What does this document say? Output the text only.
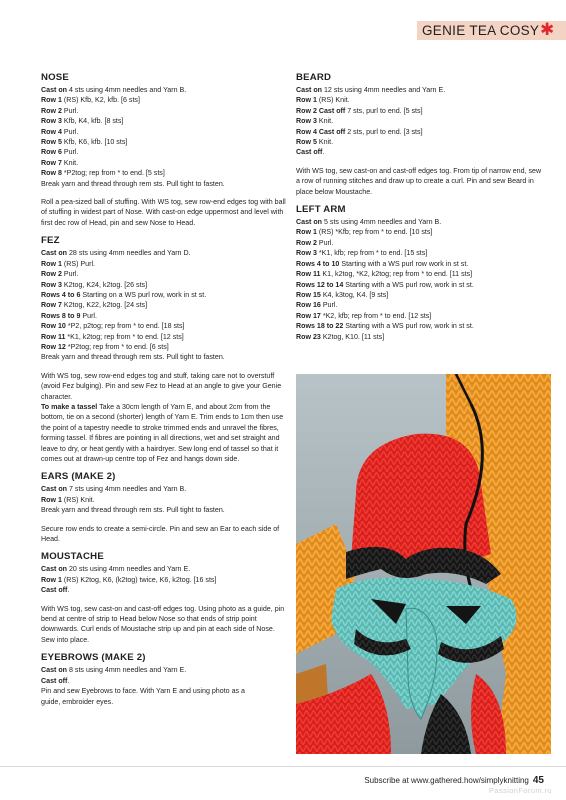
GENIE TEA COSY ✱
NOSE

Cast on 4 sts using 4mm needles and Yarn B.

Row 1 (RS) Kfb, K2, kfb. [6 sts]

Row 2 Purl.

Row 3 Kfb, K4, kfb. [8 sts]

Row 4 Purl.

Row 5 Kfb, K6, kfb. [10 sts]

Row 6 Purl.

Row 7 Knit.

Row 8 *P2tog; rep from * to end. [5 sts]

Break yarn and thread through rem sts. Pull tight to fasten.

Roll a pea-sized ball of stuffing. With WS tog, sew row-end edges tog with ball of stuffing in widest part of Nose. With cast-on edge uppermost and level with first dec row of Head, pin and sew Nose to Head.

FEZ

Cast on 28 sts using 4mm needles and Yarn D.

Row 1 (RS) Purl.

Row 2 Purl.

Row 3 K2tog, K24, k2tog. [26 sts]

Rows 4 to 6 Starting on a WS purl row, work in st st.

Row 7 K2tog, K22, k2tog. [24 sts]

Rows 8 to 9 Purl.

Row 10 *P2, p2tog; rep from * to end. [18 sts]

Row 11 *K1, k2tog; rep from * to end. [12 sts]

Row 12 *P2tog; rep from * to end. [6 sts]

Break yarn and thread through rem sts. Pull tight to fasten.

With WS tog, sew row-end edges tog and stuff, taking care not to overstuff (avoid Fez bulging). Pin and sew Fez to Head at an angle to give your Genie character.

To make a tassel Take a 30cm length of Yarn E, and about 2cm from the bottom, tie on a second (shorter) length of Yarn E. Trim ends to 1cm then use the point of a tapestry needle to stroke trimmed ends and unravel the fibres, forming tassel. If fibres are pointing in all directions, wet and set straight and leave to dry, or heat gently with a hairdryer. Sew long end of tassel so that it comes out at drawn-up centre top of Fez and hangs down side.

EARS (MAKE 2)

Cast on 7 sts using 4mm needles and Yarn B.

Row 1 (RS) Knit.

Break yarn and thread through rem sts. Pull tight to fasten.

Secure row ends to create a semi-circle. Pin and sew an Ear to each side of Head.

MOUSTACHE

Cast on 20 sts using 4mm needles and Yarn E.

Row 1 (RS) K2tog, K6, (k2tog) twice, K6, k2tog. [16 sts]

Cast off.

With WS tog, sew cast-on and cast-off edges tog. Using photo as a guide, pin bend at centre of strip to Head below Nose so that ends of strip point downwards. Curl ends of Moustache strip up and pin at each side of Nose. Sew into place.

EYEBROWS (MAKE 2)

Cast on 8 sts using 4mm needles and Yarn E.

Cast off.

Pin and sew Eyebrows to face. With Yarn E and using photo as a

guide, embroider eyes.

BEARD

Cast on 12 sts using 4mm needles and Yarn E.

Row 1 (RS) Knit.

Row 2 Cast off 7 sts, purl to end. [5 sts]

Row 3 Knit.

Row 4 Cast off 2 sts, purl to end. [3 sts]

Row 5 Knit.

Cast off.

With WS tog, sew cast-on and cast-off edges tog. From tip of narrow end, sew a row of running stitches and draw up to create a curl. Pin and sew Beard in place below Moustache.

LEFT ARM

Cast on 5 sts using 4mm needles and Yarn B.

Row 1 (RS) *Kfb; rep from * to end. [10 sts]

Row 2 Purl.

Row 3 *K1, kfb; rep from * to end. [15 sts]

Rows 4 to 10 Starting with a WS purl row work in st st.

Row 11 K1, k2tog, *K2, k2tog; rep from * to end. [11 sts]

Rows 12 to 14 Starting with a WS purl row, work in st st.

Row 15 K4, k3tog, K4. [9 sts]

Row 16 Purl.

Row 17 *K2, kfb; rep from * to end. [12 sts]

Rows 18 to 22 Starting with a WS purl row, work in st st.

Row 23 K2tog, K10. [11 sts]

Subscribe at www.gathered.how/simplyknitting 45
PassionForum.ru
